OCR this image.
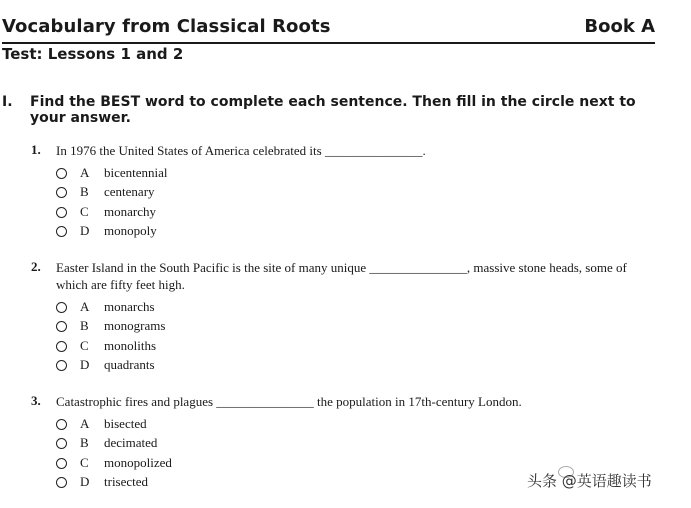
Vocabulary from Classical Roots	Book A
Test: Lessons 1 and 2
I. Find the BEST word to complete each sentence. Then fill in the circle next to your answer.
1. In 1976 the United States of America celebrated its _______________.
A bicentennial
B centenary
C monarchy
D monopoly
2. Easter Island in the South Pacific is the site of many unique _______________, massive stone heads, some of which are fifty feet high.
A monarchs
B monograms
C monoliths
D quadrants
3. Catastrophic fires and plagues _______________ the population in 17th-century London.
A bisected
B decimated
C monopolized
D trisected	头条 @英语趣读书
